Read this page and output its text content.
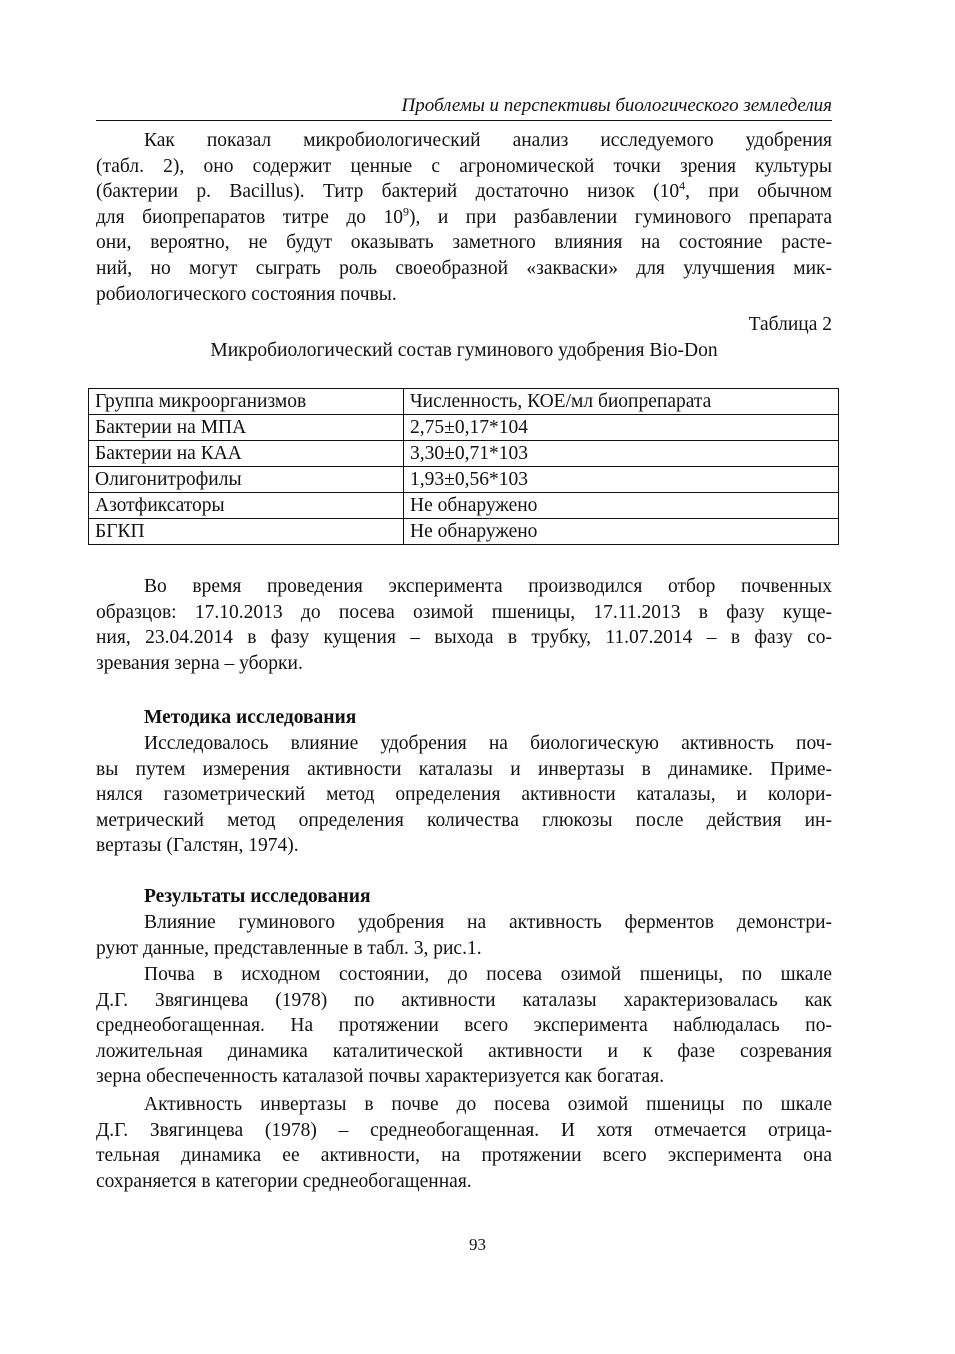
Проблемы и перспективы биологического земледелия
Как показал микробиологический анализ исследуемого удобрения
(табл. 2), оно содержит ценные с агрономической точки зрения культуры
(бактерии р. Bacillus). Титр бактерий достаточно низок ($10^4$, при обычном
для биопрепаратов титре до $10^9$), и при разбавлении гуминового препарата
они, вероятно, не будут оказывать заметного влияния на состояние расте-
ний, но могут сыграть роль своеобразной «закваски» для улучшения мик-
робиологического состояния почвы.
Таблица 2
Микробиологический состав гуминового удобрения Bio-Don
Группа микроорганизмов	Численность, КОЕ/мл биопрепарата
Бактерии на МПА	2,75±0,17*104
Бактерии на КАА	3,30±0,71*103
Олигонитрофилы	1,93±0,56*103
Азотфиксаторы	Не обнаружено
БГКП	Не обнаружено
Во время проведения эксперимента производился отбор почвенных
образцов: 17.10.2013 до посева озимой пшеницы, 17.11.2013 в фазу куще-
ния, 23.04.2014 в фазу кущения – выхода в трубку, 11.07.2014 – в фазу со-
зревания зерна – уборки.
Методика исследования
Исследовалось влияние удобрения на биологическую активность поч-
вы путем измерения активности каталазы и инвертазы в динамике. Приме-
нялся газометрический метод определения активности каталазы, и колори-
метрический метод определения количества глюкозы после действия ин-
вертазы (Галстян, 1974).
Результаты исследования
Влияние гуминового удобрения на активность ферментов демонстри-
руют данные, представленные в табл. 3, рис.1.
Почва в исходном состоянии, до посева озимой пшеницы, по шкале
Д.Г. Звягинцева (1978) по активности каталазы характеризовалась как
среднеобогащенная. На протяжении всего эксперимента наблюдалась по-
ложительная динамика каталитической активности и к фазе созревания
зерна обеспеченность каталазой почвы характеризуется как богатая.
Активность инвертазы в почве до посева озимой пшеницы по шкале
Д.Г. Звягинцева (1978) – среднеобогащенная. И хотя отмечается отрица-
тельная динамика ее активности, на протяжении всего эксперимента она
сохраняется в категории среднеобогащенная.
93
